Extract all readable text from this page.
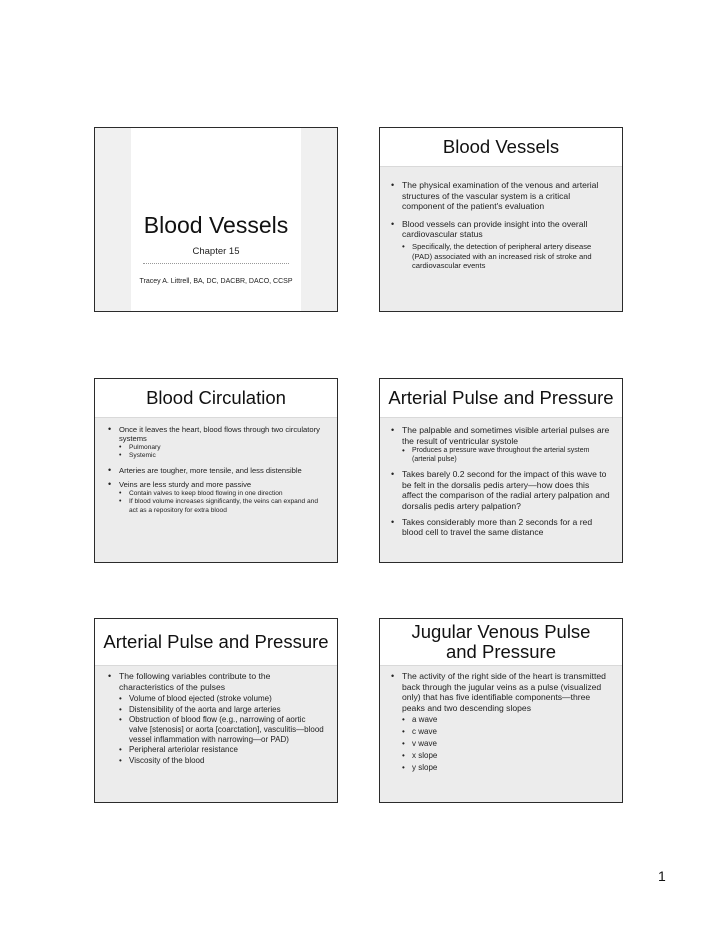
Blood Vessels
Chapter 15
Tracey A. Littrell, BA, DC, DACBR, DACO, CCSP
Blood Vessels
• The physical examination of the venous and arterial structures of the vascular system is a critical component of the patient's evaluation
• Blood vessels can provide insight into the overall cardiovascular status
• Specifically, the detection of peripheral artery disease (PAD) associated with an increased risk of stroke and cardiovascular events
Blood Circulation
• Once it leaves the heart, blood flows through two circulatory systems
• Pulmonary
• Systemic
• Arteries are tougher, more tensile, and less distensible
• Veins are less sturdy and more passive
• Contain valves to keep blood flowing in one direction
• If blood volume increases significantly, the veins can expand and act as a repository for extra blood
Arterial Pulse and Pressure
• The palpable and sometimes visible arterial pulses are the result of ventricular systole
• Produces a pressure wave throughout the arterial system (arterial pulse)
• Takes barely 0.2 second for the impact of this wave to be felt in the dorsalis pedis artery—how does this affect the comparison of the radial artery palpation and dorsalis pedis artery palpation?
• Takes considerably more than 2 seconds for a red blood cell to travel the same distance
Arterial Pulse and Pressure
• The following variables contribute to the characteristics of the pulses
• Volume of blood ejected (stroke volume)
• Distensibility of the aorta and large arteries
• Obstruction of blood flow (e.g., narrowing of aortic valve [stenosis] or aorta [coarctation], vasculitis—blood vessel inflammation with narrowing—or PAD)
• Peripheral arteriolar resistance
• Viscosity of the blood
Jugular Venous Pulse
and Pressure
• The activity of the right side of the heart is transmitted back through the jugular veins as a pulse (visualized only) that has five identifiable components—three peaks and two descending slopes
• a wave
• c wave
• v wave
• x slope
• y slope
1
